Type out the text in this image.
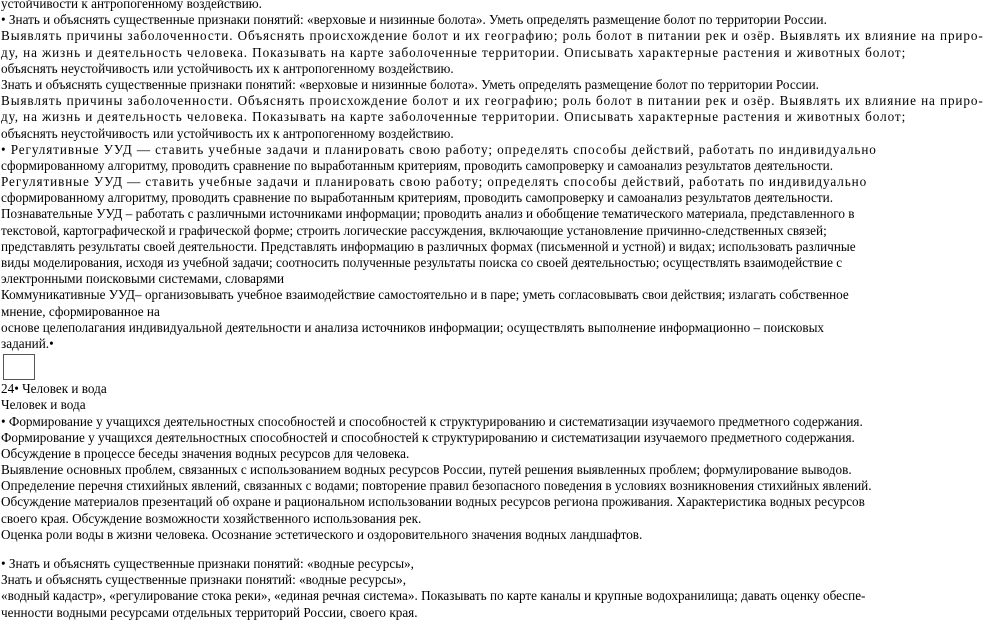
устойчивости к антропогенному воздействию.
• Знать и объяснять существенные признаки понятий: «верховые и низинные болота». Уметь определять размещение болот по территории России.
Выявлять причины заболоченности. Объяснять происхождение болот и их географию; роль болот в питании рек и озёр. Выявлять их влияние на приро-
ду, на жизнь и деятельность человека. Показывать на карте заболоченные территории. Описывать характерные растения и животных болот;
объяснять неустойчивость или устойчивость их к антропогенному воздействию.
Знать и объяснять существенные признаки понятий: «верховые и низинные болота». Уметь определять размещение болот по территории России.
Выявлять причины заболоченности. Объяснять происхождение болот и их географию; роль болот в питании рек и озёр. Выявлять их влияние на приро-
ду, на жизнь и деятельность человека. Показывать на карте заболоченные территории. Описывать характерные растения и животных болот;
объяснять неустойчивость или устойчивость их к антропогенному воздействию.
• Регулятивные УУД — ставить учебные задачи и планировать свою работу; определять способы действий, работать по индивидуально
сформированному алгоритму, проводить сравнение по выработанным критериям, проводить самопроверку и самоанализ результатов деятельности.
Регулятивные УУД — ставить учебные задачи и планировать свою работу; определять способы действий, работать по индивидуально
сформированному алгоритму, проводить сравнение по выработанным критериям, проводить самопроверку и самоанализ результатов деятельности.
Познавательные УУД – работать с различными источниками информации; проводить анализ и обобщение тематического материала, представленного в
текстовой, картографической и графической форме; строить логические рассуждения, включающие установление причинно-следственных связей;
представлять результаты своей деятельности. Представлять информацию в различных формах (письменной и устной) и видах; использовать различные
виды моделирования, исходя из учебной задачи; соотносить полученные результаты поиска со своей деятельностью; осуществлять взаимодействие с
электронными поисковыми системами, словарями
Коммуникативные УУД– организовывать учебное взаимодействие самостоятельно и в паре; уметь согласовывать свои действия; излагать собственное
мнение, сформированное на
основе целеполагания индивидуальной деятельности и анализа источников информации; осуществлять выполнение информационно – поисковых
заданий.•
24• Человек и вода
Человек и вода
• Формирование у учащихся деятельностных способностей и способностей к структурированию и систематизации изучаемого предметного содержания.
Формирование у учащихся деятельностных способностей и способностей к структурированию и систематизации изучаемого предметного содержания.
Обсуждение в процессе беседы значения водных ресурсов для человека.
Выявление основных проблем, связанных с использованием водных ресурсов России, путей решения выявленных проблем; формулирование выводов.
Определение перечня стихийных явлений, связанных с водами; повторение правил безопасного поведения в условиях возникновения стихийных явлений.
Обсуждение материалов презентаций об охране и рациональном использовании водных ресурсов региона проживания. Характеристика водных ресурсов
своего края. Обсуждение возможности хозяйственного использования рек.
Оценка роли воды в жизни человека. Осознание эстетического и оздоровительного значения водных ландшафтов.
• Знать и объяснять существенные признаки понятий: «водные ресурсы»,
Знать и объяснять существенные признаки понятий: «водные ресурсы»,
«водный кадастр», «регулирование стока реки», «единая речная система». Показывать по карте каналы и крупные водохранилища; давать оценку обеспе-
ченности водными ресурсами отдельных территорий России, своего края.
